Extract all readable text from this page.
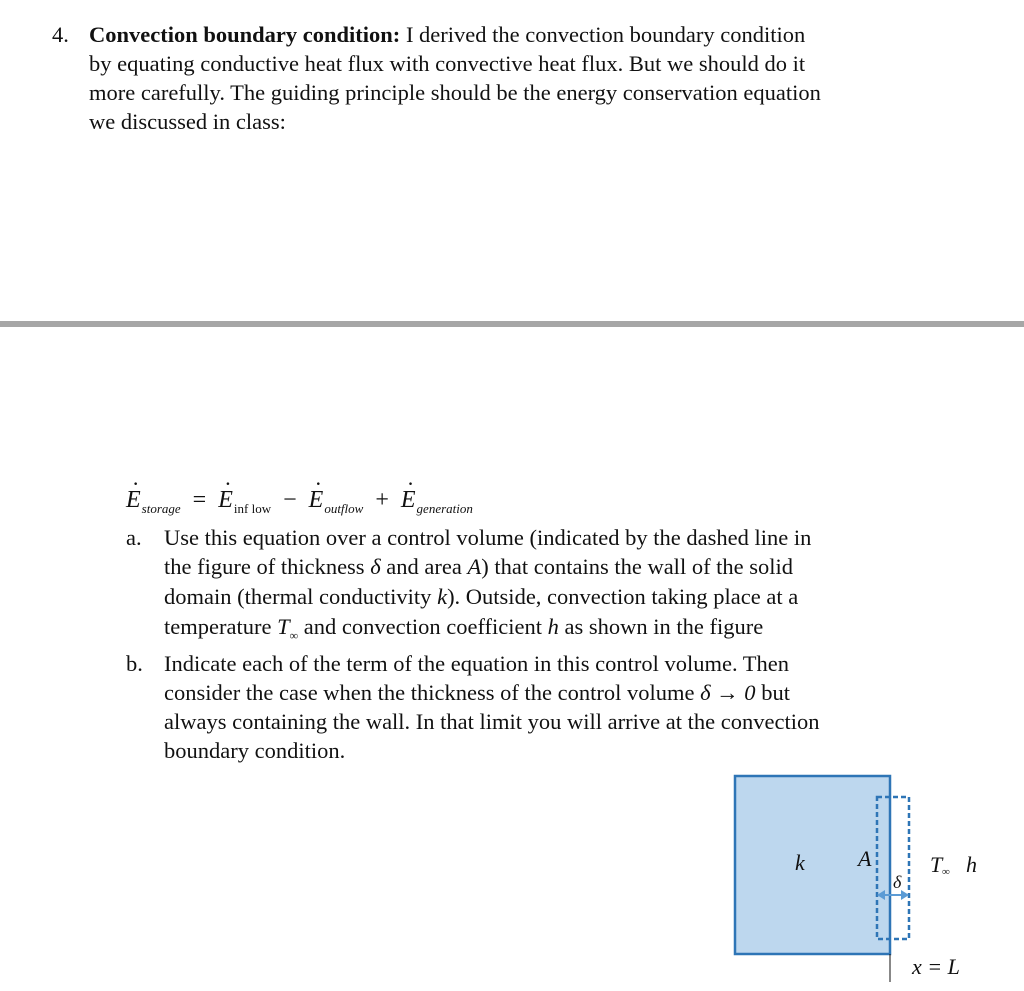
4. Convection boundary condition: I derived the convection boundary condition
by equating conductive heat flux with convective heat flux. But we should do it
more carefully. The guiding principle should be the energy conservation equation
we discussed in class:
· $E_{storage}$ = · $E_{inf low}$ − · $E_{outflow}$ + · $E_{generation}$
a. Use this equation over a control volume (indicated by the dashed line in
the figure of thickness δ and area A) that contains the wall of the solid
domain (thermal conductivity k). Outside, convection taking place at a
temperature $T_\infty$ and convection coefficient h as shown in the figure
b. Indicate each of the term of the equation in this control volume. Then
consider the case when the thickness of the control volume δ → 0 but
always containing the wall. In that limit you will arrive at the convection
boundary condition.
k A
δ
T ∞ h
x = L
